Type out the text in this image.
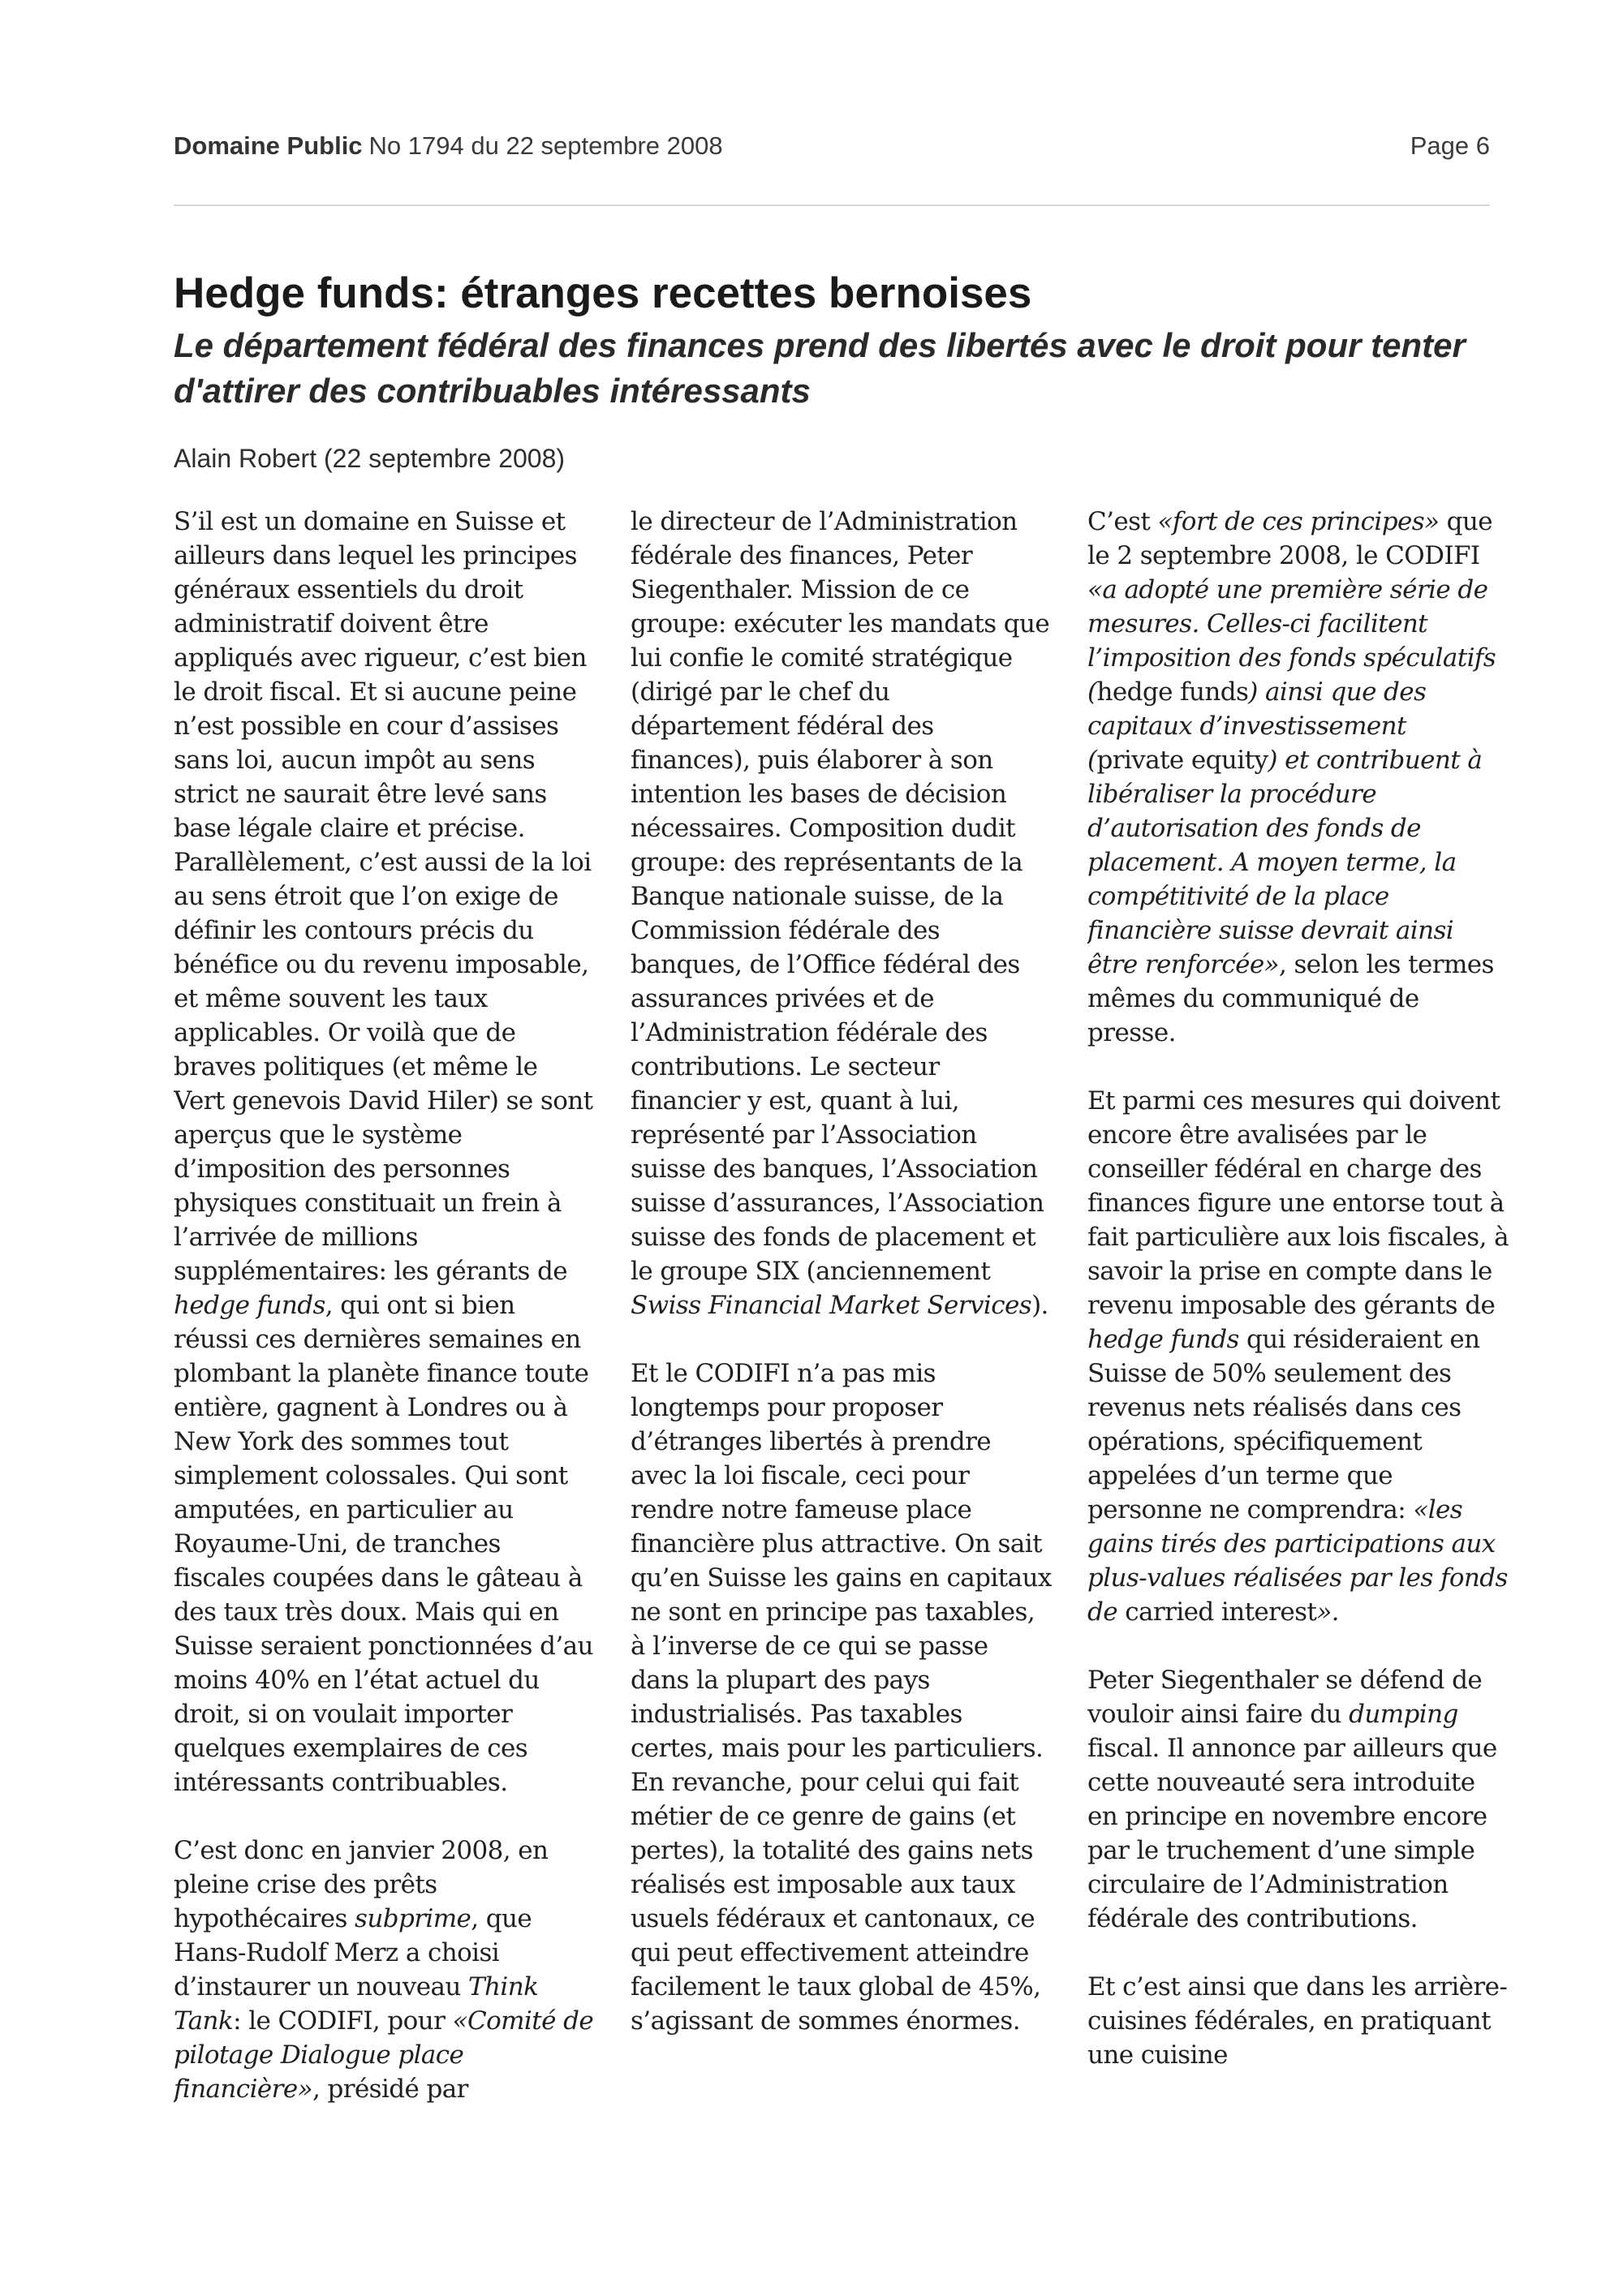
Domaine Public No 1794 du 22 septembre 2008	Page 6
Hedge funds: étranges recettes bernoises
Le département fédéral des finances prend des libertés avec le droit pour tenter d'attirer des contribuables intéressants
Alain Robert (22 septembre 2008)

S’il est un domaine en Suisse et ailleurs dans lequel les principes généraux essentiels du droit administratif doivent être appliqués avec rigueur, c’est bien le droit fiscal. Et si aucune peine n’est possible en cour d’assises sans loi, aucun impôt au sens strict ne saurait être levé sans base légale claire et précise. Parallèlement, c’est aussi de la loi au sens étroit que l’on exige de définir les contours précis du bénéfice ou du revenu imposable, et même souvent les taux applicables. Or voilà que de braves politiques (et même le Vert genevois David Hiler) se sont aperçus que le système d’imposition des personnes physiques constituait un frein à l’arrivée de millions supplémentaires: les gérants de hedge funds, qui ont si bien réussi ces dernières semaines en plombant la planète finance toute entière, gagnent à Londres ou à New York des sommes tout simplement colossales. Qui sont amputées, en particulier au Royaume-Uni, de tranches fiscales coupées dans le gâteau à des taux très doux. Mais qui en Suisse seraient ponctionnées d’au moins 40% en l’état actuel du droit, si on voulait importer quelques exemplaires de ces intéressants contribuables.

C’est donc en janvier 2008, en pleine crise des prêts hypothécaires subprime, que Hans-Rudolf Merz a choisi d’instaurer un nouveau Think Tank: le CODIFI, pour «Comité de pilotage Dialogue place financière», présidé par

le directeur de l’Administration fédérale des finances, Peter Siegenthaler. Mission de ce groupe: exécuter les mandats que lui confie le comité stratégique (dirigé par le chef du département fédéral des finances), puis élaborer à son intention les bases de décision nécessaires. Composition dudit groupe: des représentants de la Banque nationale suisse, de la Commission fédérale des banques, de l’Office fédéral des assurances privées et de l’Administration fédérale des contributions. Le secteur financier y est, quant à lui, représenté par l’Association suisse des banques, l’Association suisse d’assurances, l’Association suisse des fonds de placement et le groupe SIX (anciennement Swiss Financial Market Services).

Et le CODIFI n’a pas mis longtemps pour proposer d’étranges libertés à prendre avec la loi fiscale, ceci pour rendre notre fameuse place financière plus attractive. On sait qu’en Suisse les gains en capitaux ne sont en principe pas taxables, à l’inverse de ce qui se passe dans la plupart des pays industrialisés. Pas taxables certes, mais pour les particuliers. En revanche, pour celui qui fait métier de ce genre de gains (et pertes), la totalité des gains nets réalisés est imposable aux taux usuels fédéraux et cantonaux, ce qui peut effectivement atteindre facilement le taux global de 45%, s’agissant de sommes énormes.

C’est «fort de ces principes» que le 2 septembre 2008, le CODIFI «a adopté une première série de mesures. Celles-ci facilitent l’imposition des fonds spéculatifs (hedge funds) ainsi que des capitaux d’investissement (private equity) et contribuent à libéraliser la procédure d’autorisation des fonds de placement. A moyen terme, la compétitivité de la place financière suisse devrait ainsi être renforcée», selon les termes mêmes du communiqué de presse.

Et parmi ces mesures qui doivent encore être avalisées par le conseiller fédéral en charge des finances figure une entorse tout à fait particulière aux lois fiscales, à savoir la prise en compte dans le revenu imposable des gérants de hedge funds qui résideraient en Suisse de 50% seulement des revenus nets réalisés dans ces opérations, spécifiquement appelées d’un terme que personne ne comprendra: «les gains tirés des participations aux plus-values réalisées par les fonds de carried interest».

Peter Siegenthaler se défend de vouloir ainsi faire du dumping fiscal. Il annonce par ailleurs que cette nouveauté sera introduite en principe en novembre encore par le truchement d’une simple circulaire de l’Administration fédérale des contributions.

Et c’est ainsi que dans les arrière-cuisines fédérales, en pratiquant une cuisine
